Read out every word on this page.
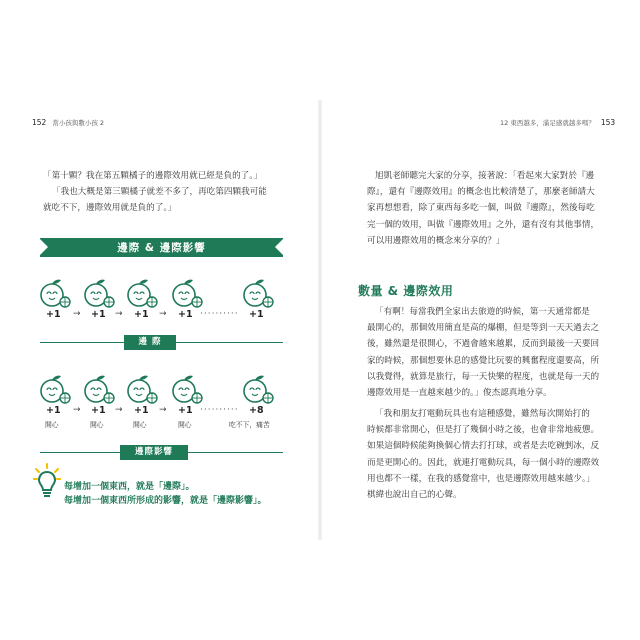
152 當小孩與數小孩 2
「第十顆？我在第五顆橘子的邊際效用就已經是負的了。」
「我也大概是第三顆橘子就差不多了，再吃第四顆我可能
就吃不下，邊際效用就是負的了。」
邊際 & 邊際影響
+1 → +1 → +1 → +1 ·········· +1
邊 際
+1 → +1 → +1 → +1 ·········· +8
開心	開心	開心	開心	吃不下，痛苦
邊際影響
每增加一個東西，就是「邊際」。
每增加一個東西所形成的影響，就是「邊際影響」。
12 東西越多，滿足感就越多嗎？ 153
旭凱老師聽完大家的分享，接著說：「看起來大家對於『邊
際』，還有『邊際效用』的概念也比較清楚了，那麼老師請大
家再想想看，除了東西每多吃一個，叫做『邊際』，然後每吃
完一個的效用，叫做『邊際效用』之外，還有沒有其他事情，
可以用邊際效用的概念來分享的？」
數量 & 邊際效用
「有啊！每當我們全家出去旅遊的時候，第一天通常都是
最開心的，那個效用簡直是高的爆棚，但是等到一天天過去之
後，雖然還是很開心，不過會越來越累，反而到最後一天要回
家的時候，那個想要休息的感覺比玩要的興奮程度還要高，所
以我覺得，就算是旅行，每一天快樂的程度，也就是每一天的
邊際效用是一直越來越少的。」俊杰認真地分享。
「我和朋友打電動玩具也有這種感覺，雖然每次開始打的
時候都非常開心，但是打了幾個小時之後，也會非常地疲憊。
如果這個時候能夠換個心情去打打球，或者是去吃碗剉冰，反
而是更開心的。因此，就連打電動玩具，每一個小時的邊際效
用也都不一樣，在我的感覺當中，也是邊際效用越來越少。」
棋緯也說出自己的心聲。
